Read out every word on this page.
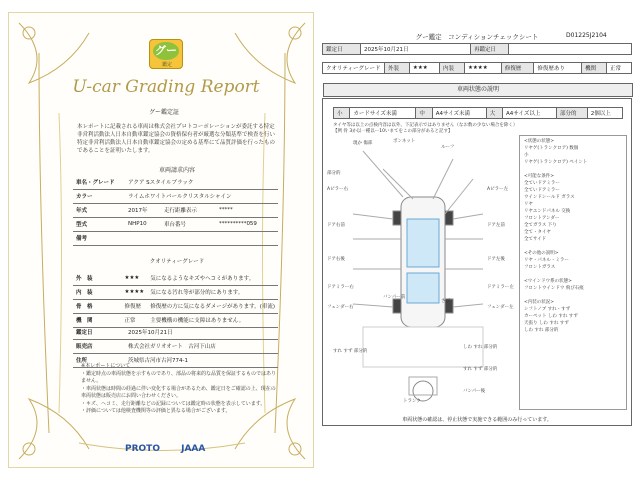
グー
鑑定
U-car Grading Report
グー鑑定証
本レポートに記載される車両は株式会社プロトコーポレーションが委託する特定非営利活動法人日本自動車鑑定協会の資格保有者が厳選な分類基準で検査を行い特定非営利活動法人日本自動車鑑定協会の定める基準にて品質評価を行ったものであることを証明いたします。
車両請求内容
車名・グレード	アクア Sスタイルブラック		
カラー	ライムホワイトパールクリスタルシャイン		
年式	2017年	走行距離表示	*****
型式	NHP10	車台番号	**********059
備考			
クオリティーグレード
外　装	★★★	気になるようなキズやヘコミがあります。
内　装	★★★★	気になる汚れ等が部分的にあります。
骨　格	修復歴	修復歴の方に気になるダメージがあります。(車流)
機　関	正常	主要機構の機能に支障はありません。
鑑定日	2025年10月21日
販売店	株式会社ガリオオート　古河下山店
住所	茨城県古河市古河774-1
※本レポートについて
・鑑定時点の車両状態を示すものであり、部品の将来的な品質を保証するものではありません。
・車両状態は時間の経過に伴い変化する場合があるため、鑑定日をご確認の上、現在の車両状態は販売店にお問い合わせください。
・キズ、ヘコミ、走行距離などの記録については鑑定時の状態を表示しています。
・評価については他検査機関等の評価と異なる場合がございます。
PROTO JAAA
D01225J2104
グー鑑定　コンディションチェックシート
鑑定日	2025年10月21日	再鑑定日	
クオリティーグレード	外装	★★★	内装	★★★★	修復歴	修復歴あり	機関	正常
車両状態の説明
小	カードサイズ未満	中	A4サイズ未満	大	A4サイズ以上	部分的	2個以上
タイヤ等は以上の点検内容は以外、下記表示ではありません（なお数の少ない場合を除く）
【例 骨 3か以一種以ー10いまてをこの部分があると記す】
現か 傷部	ボンネット
ルーフ
部分的
Aピラー右	Aピラー左
ドア右前	ドア左前
ドア右後	ドア左後
ドアミラー右	ドアミラー左
フェンダー右	フェンダー左
バンパー前
さび
すれ すず 部分的
しわ すれ 部分的
すれ すず 部分的
バンパー後
トランク
<状態の状態>
リヤゲ(トランクロア) 数個
小
リヤゲ(トランクロア) ペイント

<可能な条件>
全ていドアミラー
全ていドアミラー
ウインドシールド ガラス
リヤ
リヤエンドパネル 交換
フロントアンダー
全てガラス 下り
全て・タイヤ
全てサイド

<その他の説明>
リヤ・パネル・ミラー
フロントガラス

<ウインドウ系の状態>
フロントウインドウ 飛び石痕

<内装の状況>
シフトノブ すれ・すず
カーペット しわ すれ すず
天張り しわ すれ すず
しわ すれ 部分的
車両状態の確認は、停止状態で実施できる範囲のみ行っています。
